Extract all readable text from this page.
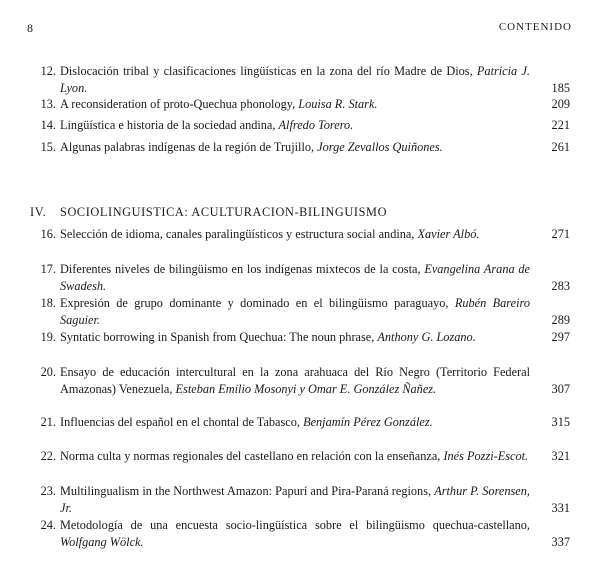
8	CONTENIDO
12. Dislocación tribal y clasificaciones lingüísticas en la zona del río Madre de Dios, Patricia J. Lyon.	185
13. A reconsideration of proto-Quechua phonology, Louisa R. Stark.	209
14. Lingüística e historia de la sociedad andina, Alfredo Torero.	221
15. Algunas palabras indígenas de la región de Trujillo, Jorge Zevallos Quiñones.	261
IV. SOCIOLINGUISTICA: ACULTURACION-BILINGUISMO
16. Selección de idioma, canales paralingüísticos y estructura social andina, Xavier Albó.	271
17. Diferentes niveles de bilingüismo en los indígenas mixtecos de la costa, Evangelina Arana de Swadesh.	283
18. Expresión de grupo dominante y dominado en el bilingüismo paraguayo, Rubén Bareiro Saguier.	289
19. Syntatic borrowing in Spanish from Quechua: The noun phrase, Anthony G. Lozano.	297
20. Ensayo de educación intercultural en la zona arahuaca del Río Negro (Territorio Federal Amazonas) Venezuela, Esteban Emilio Mosonyi y Omar E. González Ñañez.	307
21. Influencias del español en el chontal de Tabasco, Benjamín Pérez González.	315
22. Norma culta y normas regionales del castellano en relación con la enseñanza, Inés Pozzi-Escot. 321
23. Multilingualism in the Northwest Amazon: Papurí and Pira-Paraná regions, Arthur P. Sorensen, Jr.	331
24. Metodología de una encuesta socio-lingüística sobre el bilingüismo quechua-castellano, Wolfgang Wölck.	337
